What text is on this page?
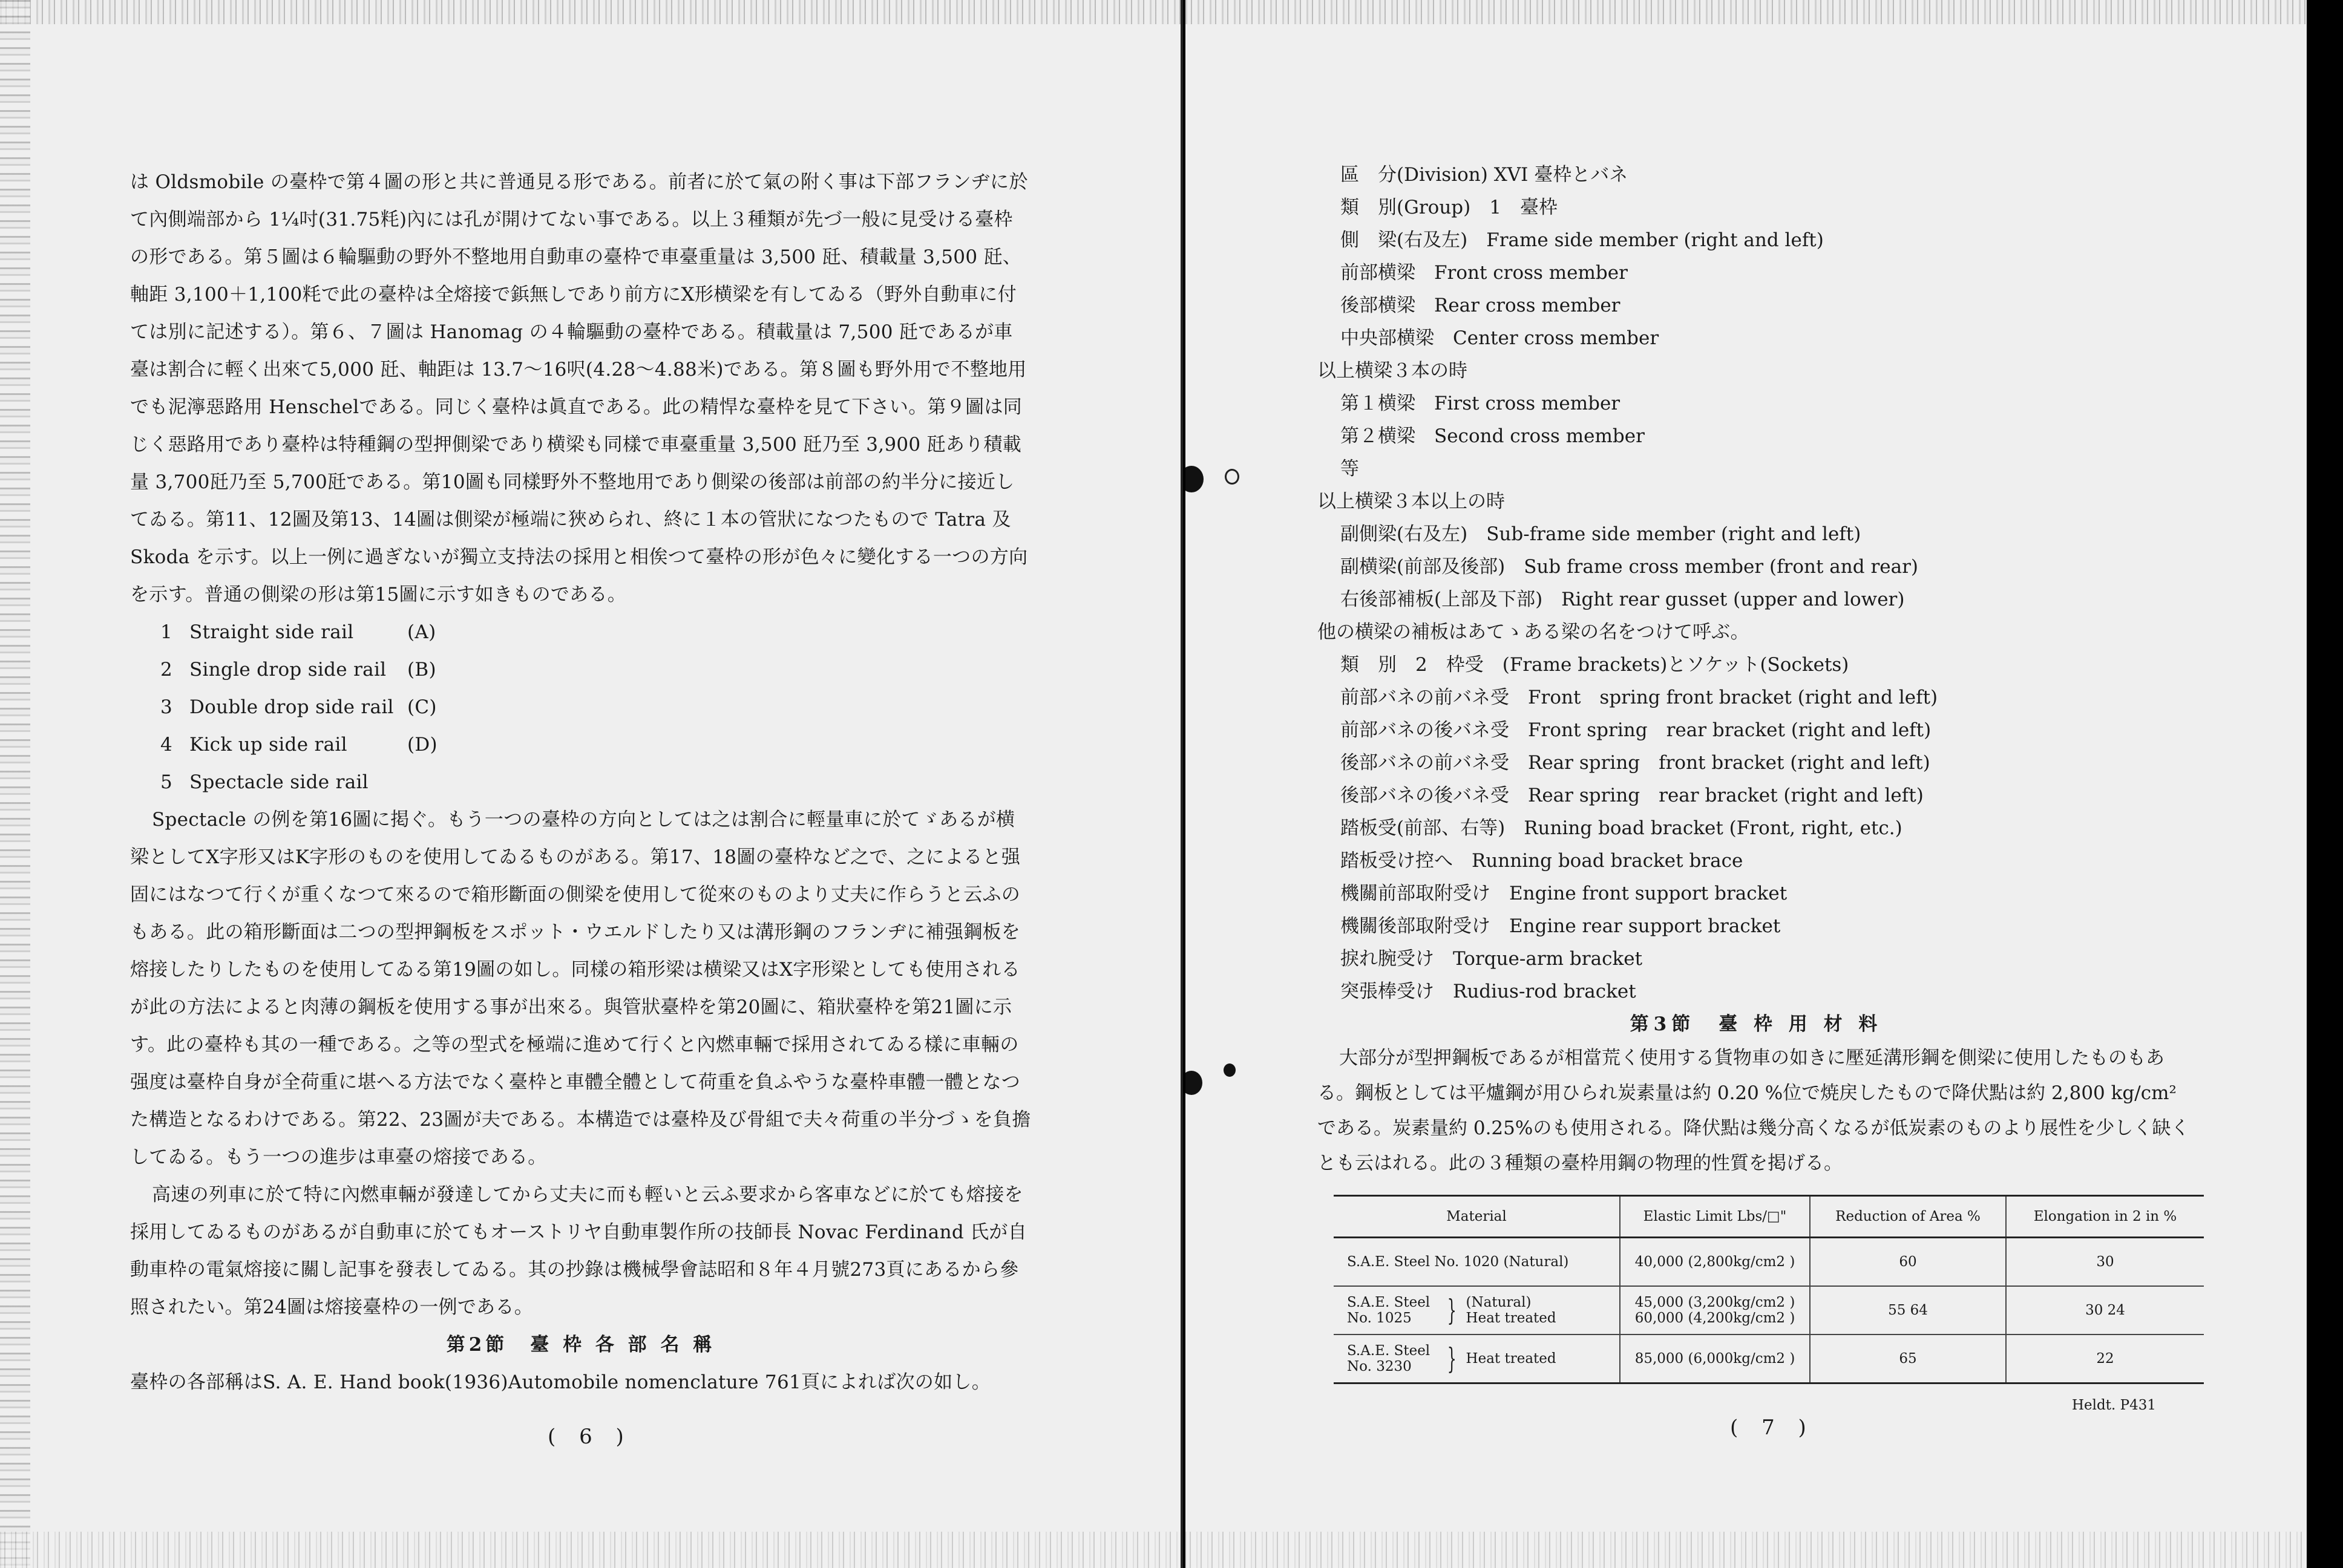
は Oldsmobile の臺枠で第４圖の形と共に普通見る形である。前者に於て氣の附く事は下部フランヂに於て內側端部から 1¼吋(31.75粍)內には孔が開けてない事である。以上３種類が先づ一般に見受ける臺枠の形である。第５圖は６輪驅動の野外不整地用自動車の臺枠で車臺重量は 3,500 瓩、積載量 3,500 瓩、軸距 3,100＋1,100粍で此の臺枠は全熔接で鋲無しであり前方にX形横梁を有してゐる（野外自動車に付ては別に記述する）。第６、７圖は Hanomag の４輪驅動の臺枠である。積載量は 7,500 瓩であるが車臺は割合に輕く出來て5,000 瓩、軸距は 13.7～16呎(4.28～4.88米)である。第８圖も野外用で不整地用でも泥濘惡路用 Henschelである。同じく臺枠は眞直である。此の精悍な臺枠を見て下さい。第９圖は同じく惡路用であり臺枠は特種鋼の型押側梁であり横梁も同樣で車臺重量 3,500 瓩乃至 3,900 瓩あり積載量 3,700瓩乃至 5,700瓩である。第10圖も同樣野外不整地用であり側梁の後部は前部の約半分に接近してゐる。第11、12圖及第13、14圖は側梁が極端に狹められ、終に１本の管狀になつたもので Tatra 及 Skoda を示す。以上一例に過ぎないが獨立支持法の採用と相俟つて臺枠の形が色々に變化する一つの方向を示す。普通の側梁の形は第15圖に示す如きものである。

1 Straight side rail	(A)
2 Single drop side rail	(B)
3 Double drop side rail (C)
4 Kick up side rail	(D)
5 Spectacle side rail

Spectacle の例を第16圖に掲ぐ。もう一つの臺枠の方向としては之は割合に輕量車に於てゞあるが横梁としてX字形又はK字形のものを使用してゐるものがある。第17、18圖の臺枠など之で、之によると强固にはなつて行くが重くなつて來るので箱形斷面の側梁を使用して從來のものより丈夫に作らうと云ふのもある。此の箱形斷面は二つの型押鋼板をスポット・ウエルドしたり又は溝形鋼のフランヂに補强鋼板を熔接したりしたものを使用してゐる第19圖の如し。同樣の箱形梁は横梁又はX字形梁としても使用されるが此の方法によると肉薄の鋼板を使用する事が出來る。與管狀臺枠を第20圖に、箱狀臺枠を第21圖に示す。此の臺枠も其の一種である。之等の型式を極端に進めて行くと內燃車輛で採用されてゐる樣に車輛の强度は臺枠自身が全荷重に堪へる方法でなく臺枠と車體全體として荷重を負ふやうな臺枠車體一體となつた構造となるわけである。第22、23圖が夫である。本構造では臺枠及び骨組で夫々荷重の半分づゝを負擔してゐる。もう一つの進步は車臺の熔接である。

高速の列車に於て特に內燃車輛が發達してから丈夫に而も輕いと云ふ要求から客車などに於ても熔接を採用してゐるものがあるが自動車に於てもオーストリヤ自動車製作所の技師長 Novac Ferdinand 氏が自動車枠の電氣熔接に關し記事を發表してゐる。其の抄錄は機械學會誌昭和８年４月號273頁にあるから參照されたい。第24圖は熔接臺枠の一例である。

第2節　臺 枠 各 部 名 稱

臺枠の各部稱はS. A. E. Hand book(1936)Automobile nomenclature 761頁によれば次の如し。

( 6 )
區　分(Division) XVI 臺枠とバネ
類　別(Group)　1　臺枠
側　梁(右及左)　Frame side member (right and left)
前部横梁　Front cross member
後部横梁　Rear cross member
中央部横梁　Center cross member
以上横梁３本の時
第１横梁　First cross member
第２横梁　Second cross member
等
以上横梁３本以上の時
副側梁(右及左)　Sub-frame side member (right and left)
副横梁(前部及後部)　Sub frame cross member (front and rear)
右後部補板(上部及下部)　Right rear gusset (upper and lower)
他の横梁の補板はあてゝある梁の名をつけて呼ぶ。
類　別　2　枠受　(Frame brackets)とソケット(Sockets)
前部バネの前バネ受　Front　spring front bracket (right and left)
前部バネの後バネ受　Front spring　rear bracket (right and left)
後部バネの前バネ受　Rear spring　front bracket (right and left)
後部バネの後バネ受　Rear spring　rear bracket (right and left)
踏板受(前部、右等)　Runing boad bracket (Front, right, etc.)
踏板受け控へ　Running boad bracket brace
機關前部取附受け　Engine front support bracket
機關後部取附受け　Engine rear support bracket
捩れ腕受け　Torque-arm bracket
突張棒受け　Rudius-rod bracket
第3節　臺 枠 用 材 料

大部分が型押鋼板であるが相當荒く使用する貨物車の如きに壓延溝形鋼を側梁に使用したものもある。鋼板としては平爐鋼が用ひられ炭素量は約 0.20 %位で焼戻したもので降伏點は約 2,800 kg/cm² である。炭素量約 0.25%のも使用される。降伏點は幾分高くなるが低炭素のものより展性を少しく缺くとも云はれる。此の３種類の臺枠用鋼の物理的性質を掲げる。

Material	Elastic Limit Lbs/□"	Reduction of Area %	Elongation in 2 in %
S.A.E. Steel No. 1020 (Natural)	40,000 (2,800kg/cm2 )	60	30

S.A.E. Steel No. 1025 } (Natural) Heat treated	45,000 (3,200kg/cm2 ) 60,000 (4,200kg/cm2 )	55 64	30 24

S.A.E. Steel No. 3230 } Heat treated	85,000 (6,000kg/cm2 )	65	22
Heldt. P431
( 7 )
